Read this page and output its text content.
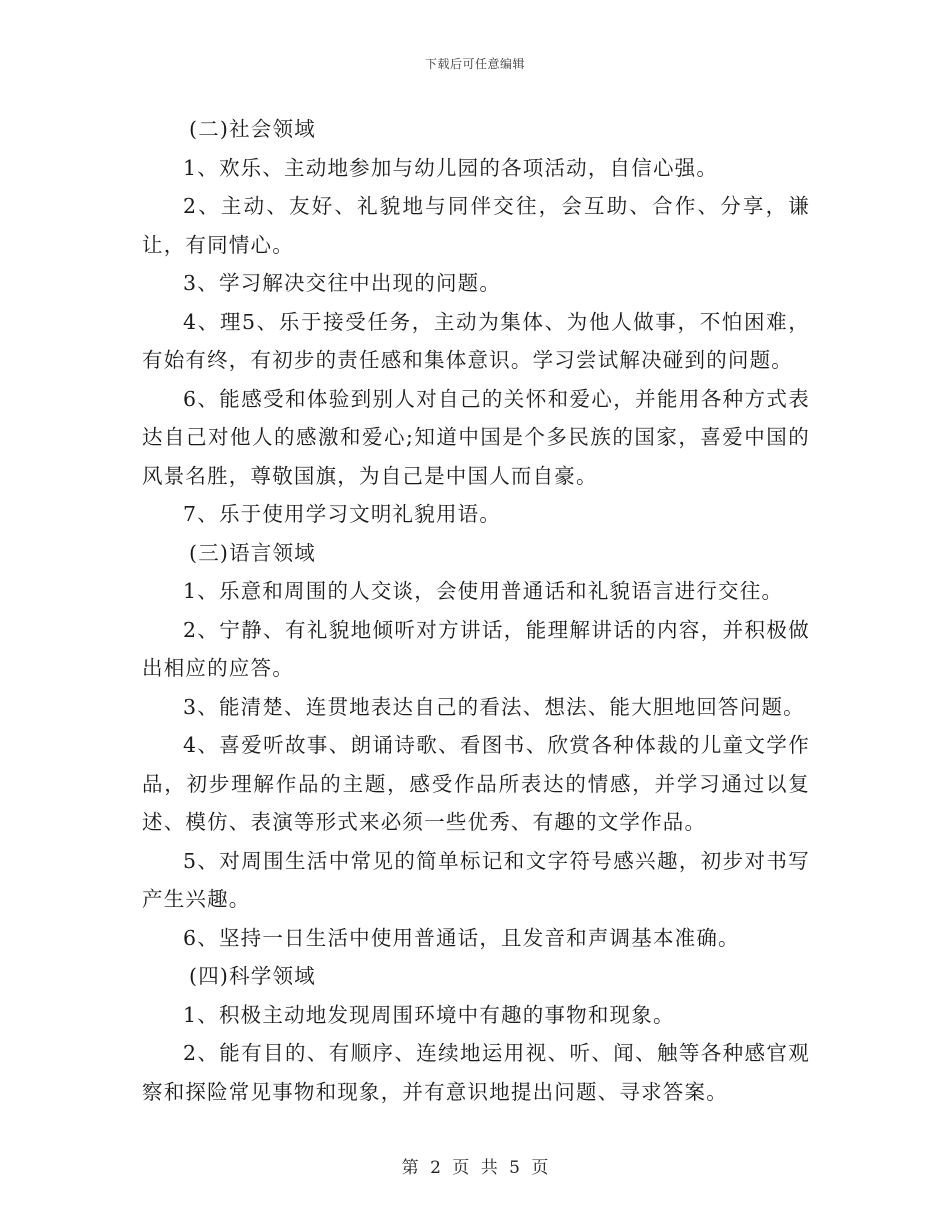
下载后可任意编辑

(二)社会领域

1、欢乐、主动地参加与幼儿园的各项活动，自信心强。

2、主动、友好、礼貌地与同伴交往，会互助、合作、分享，谦让，有同情心。

3、学习解决交往中出现的问题。

4、理5、乐于接受任务，主动为集体、为他人做事，不怕困难，有始有终，有初步的责任感和集体意识。学习尝试解决碰到的问题。

6、能感受和体验到别人对自己的关怀和爱心，并能用各种方式表达自己对他人的感激和爱心;知道中国是个多民族的国家，喜爱中国的风景名胜，尊敬国旗，为自己是中国人而自豪。

7、乐于使用学习文明礼貌用语。

(三)语言领域

1、乐意和周围的人交谈，会使用普通话和礼貌语言进行交往。

2、宁静、有礼貌地倾听对方讲话，能理解讲话的内容，并积极做出相应的应答。

3、能清楚、连贯地表达自己的看法、想法、能大胆地回答问题。

4、喜爱听故事、朗诵诗歌、看图书、欣赏各种体裁的儿童文学作品，初步理解作品的主题，感受作品所表达的情感，并学习通过以复述、模仿、表演等形式来必须一些优秀、有趣的文学作品。

5、对周围生活中常见的简单标记和文字符号感兴趣，初步对书写产生兴趣。

6、坚持一日生活中使用普通话，且发音和声调基本准确。

(四)科学领域

1、积极主动地发现周围环境中有趣的事物和现象。

2、能有目的、有顺序、连续地运用视、听、闻、触等各种感官观察和探险常见事物和现象，并有意识地提出问题、寻求答案。

第 2 页 共 5 页
